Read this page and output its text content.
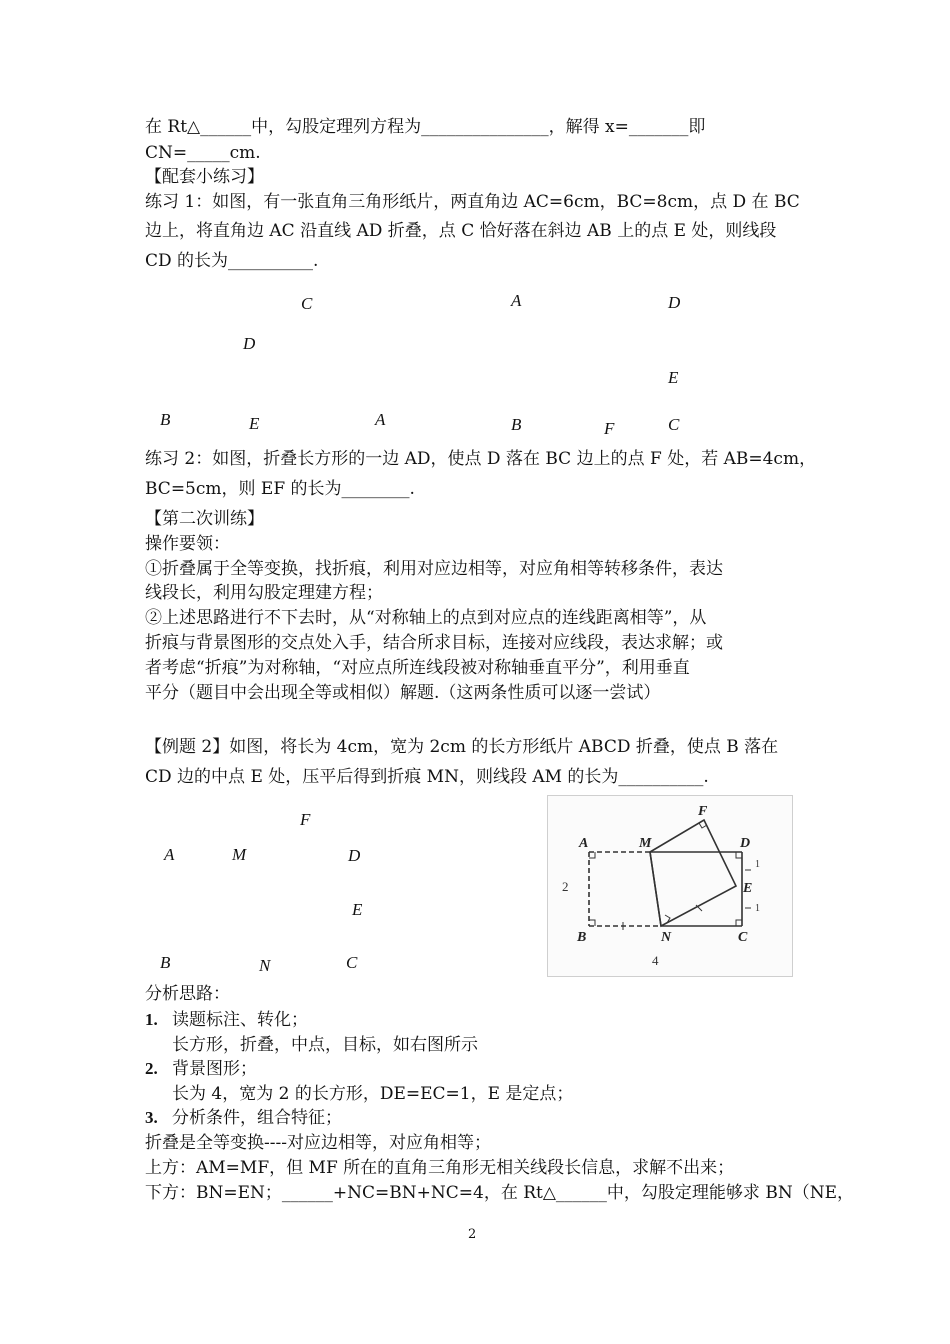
在 Rt△______中，勾股定理列方程为_______________，解得 x=_______即
CN=_____cm.
【配套小练习】
练习 1：如图，有一张直角三角形纸片，两直角边 AC=6cm，BC=8cm，点 D 在 BC
边上，将直角边 AC 沿直线 AD 折叠，点 C 恰好落在斜边 AB 上的点 E 处，则线段
CD 的长为__________.
C
D
B	E	A
A	D
E
B	F	C
练习 2：如图，折叠长方形的一边 AD，使点 D 落在 BC 边上的点 F 处，若 AB=4cm，
BC=5cm，则 EF 的长为________.
【第二次训练】
操作要领：
①折叠属于全等变换，找折痕，利用对应边相等，对应角相等转移条件，表达
线段长，利用勾股定理建方程；
②上述思路进行不下去时，从“对称轴上的点到对应点的连线距离相等”，从
折痕与背景图形的交点处入手，结合所求目标，连接对应线段，表达求解；或
者考虑“折痕”为对称轴，“对应点所连线段被对称轴垂直平分”，利用垂直
平分（题目中会出现全等或相似）解题.（这两条性质可以逐一尝试）
【例题 2】如图，将长为 4cm，宽为 2cm 的长方形纸片 ABCD 折叠，使点 B 落在
CD 边的中点 E 处，压平后得到折痕 MN，则线段 AM 的长为__________.
F
A	M	D
E
B	N	C
A	M
F
D
E
B	N	C
2
4
1
1
分析思路：
1. 读题标注、转化；
长方形，折叠，中点，目标，如右图所示
2. 背景图形；
长为 4，宽为 2 的长方形，DE=EC=1，E 是定点；
3. 分析条件，组合特征；
折叠是全等变换----对应边相等，对应角相等；
上方：AM=MF，但 MF 所在的直角三角形无相关线段长信息，求解不出来；
下方：BN=EN；______+NC=BN+NC=4，在 Rt△______中，勾股定理能够求 BN（NE，
2
